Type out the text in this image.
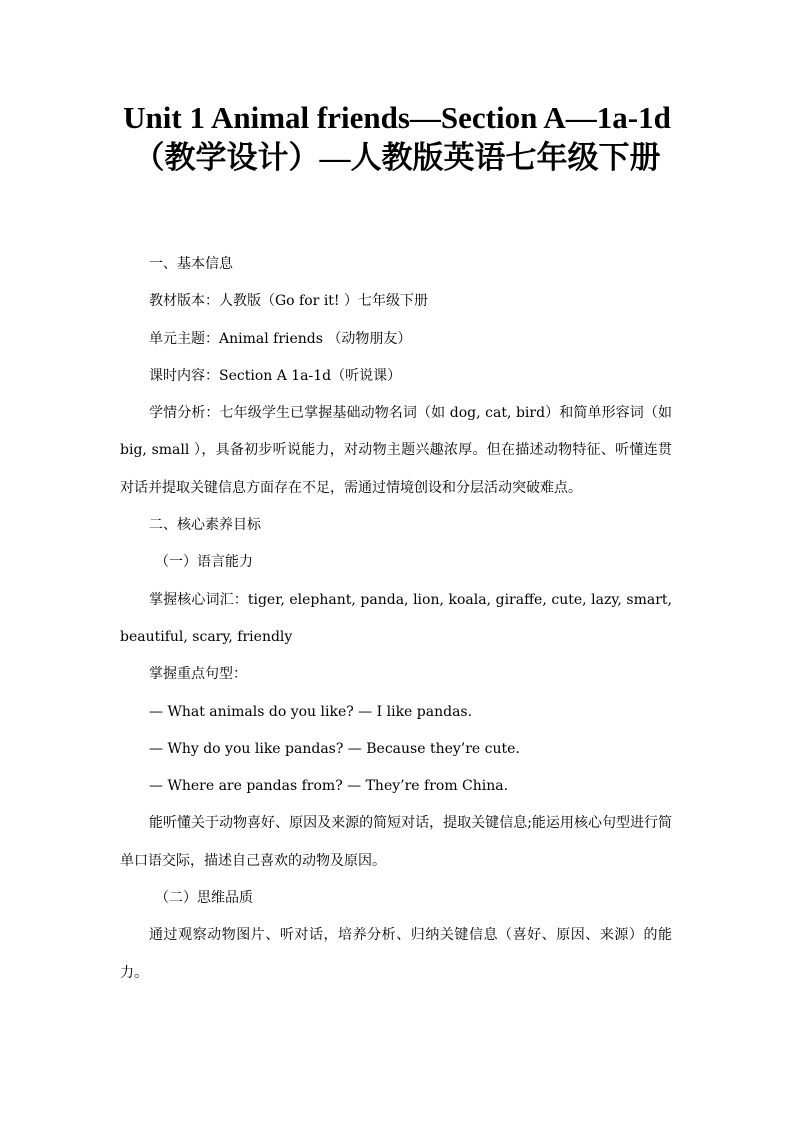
Unit 1 Animal friends—Section A—1a-1d（教学设计）—人教版英语七年级下册

一、基本信息

教材版本：人教版（Go for it! ）七年级下册

单元主题：Animal friends （动物朋友）

课时内容：Section A 1a-1d（听说课）

学情分析：七年级学生已掌握基础动物名词（如 dog, cat, bird）和简单形容词（如 big, small ），具备初步听说能力，对动物主题兴趣浓厚。但在描述动物特征、听懂连贯对话并提取关键信息方面存在不足，需通过情境创设和分层活动突破难点。

二、核心素养目标

（一）语言能力

掌握核心词汇：tiger, elephant, panda, lion, koala, giraffe, cute, lazy, smart, beautiful, scary, friendly

掌握重点句型：

— What animals do you like? — I like pandas.

— Why do you like pandas? — Because they’re cute.

— Where are pandas from? — They’re from China.

能听懂关于动物喜好、原因及来源的简短对话，提取关键信息;能运用核心句型进行简单口语交际，描述自己喜欢的动物及原因。

（二）思维品质

通过观察动物图片、听对话，培养分析、归纳关键信息（喜好、原因、来源）的能力。
